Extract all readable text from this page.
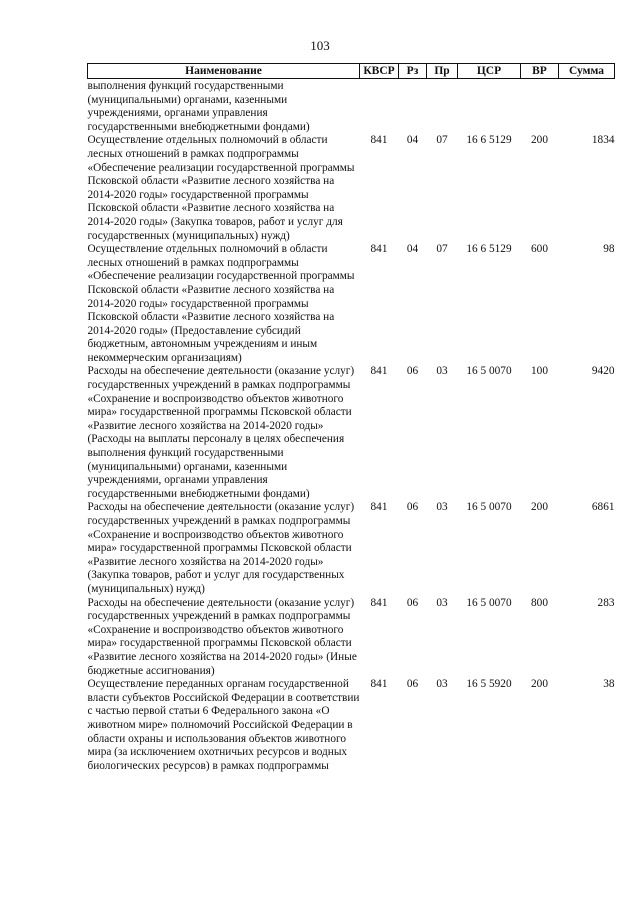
103
Наименование	КВСР	Рз	Пр	ЦСР	ВР	Сумма
выполнения функций государственными (муниципальными) органами, казенными учреждениями, органами управления государственными внебюджетными фондами)						
Осуществление отдельных полномочий в области лесных отношений в рамках подпрограммы «Обеспечение реализации государственной программы Псковской области «Развитие лесного хозяйства на 2014-2020 годы» государственной программы Псковской области «Развитие лесного хозяйства на 2014-2020 годы» (Закупка товаров, работ и услуг для государственных (муниципальных) нужд)	841	04	07	16 6 5129	200	1834
Осуществление отдельных полномочий в области лесных отношений в рамках подпрограммы «Обеспечение реализации государственной программы Псковской области «Развитие лесного хозяйства на 2014-2020 годы» государственной программы Псковской области «Развитие лесного хозяйства на 2014-2020 годы» (Предоставление субсидий бюджетным, автономным учреждениям и иным некоммерческим организациям)	841	04	07	16 6 5129	600	98
Расходы на обеспечение деятельности (оказание услуг) государственных учреждений в рамках подпрограммы «Сохранение и воспроизводство объектов животного мира» государственной программы Псковской области «Развитие лесного хозяйства на 2014-2020 годы» (Расходы на выплаты персоналу в целях обеспечения выполнения функций государственными (муниципальными) органами, казенными учреждениями, органами управления государственными внебюджетными фондами)	841	06	03	16 5 0070	100	9420
Расходы на обеспечение деятельности (оказание услуг) государственных учреждений в рамках подпрограммы «Сохранение и воспроизводство объектов животного мира» государственной программы Псковской области «Развитие лесного хозяйства на 2014-2020 годы» (Закупка товаров, работ и услуг для государственных (муниципальных) нужд)	841	06	03	16 5 0070	200	6861
Расходы на обеспечение деятельности (оказание услуг) государственных учреждений в рамках подпрограммы «Сохранение и воспроизводство объектов животного мира» государственной программы Псковской области «Развитие лесного хозяйства на 2014-2020 годы» (Иные бюджетные ассигнования)	841	06	03	16 5 0070	800	283
Осуществление переданных органам государственной власти субъектов Российской Федерации в соответствии с частью первой статьи 6 Федерального закона «О животном мире» полномочий Российской Федерации в области охраны и использования объектов животного мира (за исключением охотничьих ресурсов и водных биологических ресурсов) в рамках подпрограммы	841	06	03	16 5 5920	200	38
